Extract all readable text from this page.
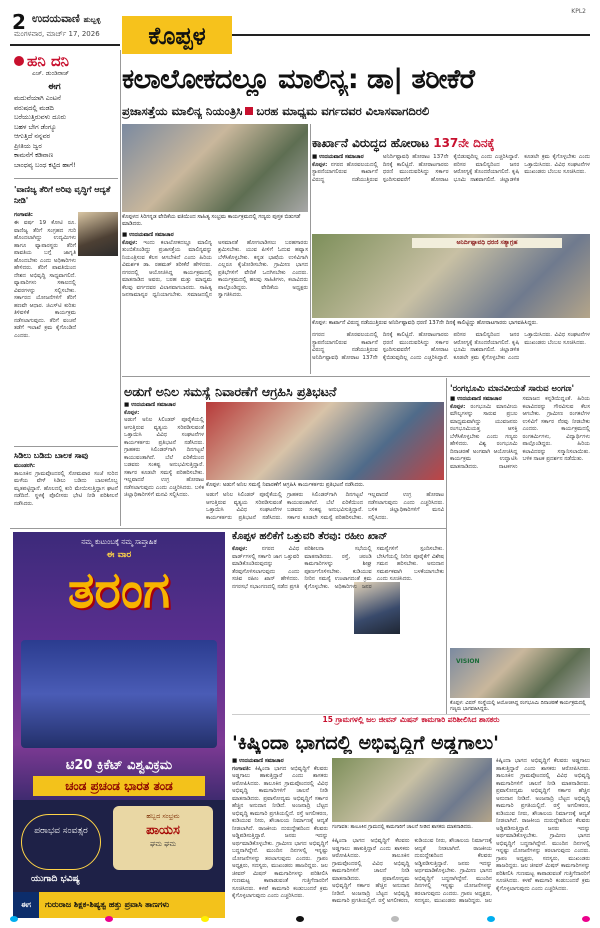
2 ಉದಯವಾಣಿ ಹುಬ್ಬಳ್ಳಿ
ಮಂಗಳವಾರ, ಮಾರ್ಚ್ 17, 2026
KPL2
ಕೊಪ್ಪಳ
ಹನಿ ದನಿ
ಎಚ್. ಡುಂಡಿರಾಜ್
ಈಗ
ಮದುವೆಯಾಗಿ ಎಂಟನೆ
ವರುಷದಲ್ಲಿ ಮಡದಿ
ಬರೆಯುತ್ತಿರುವಳು ದೂರು
ಬಹಳ ಬೇಗ ಡೆಂಗ್ಯೂ
ಆಗುತ್ತಿದೆ ನನ್ನವರ
ಪ್ರೀತಿಯ ಜ್ವರ
ಕಾಮನೆಗೆ ಕಡಿವಾಣ
ಬಾಂಧವ್ಯ ಬಂಧ ಕಟ್ಟಿದ ಹಾಗೆ!
'ವಾಣಿಜ್ಯ ತೆರಿಗೆ ಅರಿವು ವೃದ್ಧಿಗೆ ಆದ್ಯತೆ ನೀಡಿ'
ಗಂಗಾವತಿ:
ಈ ವರ್ಷ 19 ಕೋಟಿ ರೂ. ವಾಣಿಜ್ಯ ತೆರಿಗೆ ಸಂಗ್ರಹದ ಗುರಿ ಹೊಂದಲಾಗಿದ್ದು ಉದ್ಯಮಿಗಳು ಹಾಗೂ ವ್ಯಾಪಾರಸ್ಥರು ತೆರಿಗೆ ಪಾವತಿಯ ಬಗ್ಗೆ ಜಾಗೃತಿ ಹೊಂದಬೇಕು ಎಂದು ಅಧಿಕಾರಿಗಳು ಹೇಳಿದರು. ತೆರಿಗೆ ಪಾವತಿಯಿಂದ ದೇಶದ ಅಭಿವೃದ್ಧಿ ಸಾಧ್ಯವಾಗಲಿದೆ. ವ್ಯಾಪಾರಿಗಳು ಸಕಾಲದಲ್ಲಿ ವಿವರಗಳನ್ನು ಸಲ್ಲಿಸಬೇಕು. ಸರ್ಕಾರದ ಯೋಜನೆಗಳಿಗೆ ತೆರಿಗೆ ಹಣವೇ ಆಧಾರ. ಜಿಎಸ್‌ಟಿ ಕುರಿತು ತಿಳಿವಳಿಕೆ ಕಾರ್ಯಕ್ರಮ ನಡೆಸಲಾಗುವುದು. ತೆರಿಗೆ ವಂಚನೆ ತಡೆಗೆ ಇಲಾಖೆ ಕ್ರಮ ಕೈಗೊಂಡಿದೆ ಎಂದರು.
ಸಿಡಿಲು ಬಡಿದು ಬಾಲಕ ಸಾವು
ಮುಂಡರಗಿ:
ತಾಲೂಕಿನ ಗ್ರಾಮವೊಂದರಲ್ಲಿ ಸೋಮವಾರ ಸಂಜೆ ಸುರಿದ ಮಳೆಯ ವೇಳೆ ಸಿಡಿಲು ಬಡಿದು ಬಾಲಕನೊಬ್ಬ ಮೃತಪಟ್ಟಿದ್ದಾನೆ. ಹೊಲದಲ್ಲಿ ಕುರಿ ಮೇಯಿಸುತ್ತಿದ್ದಾಗ ಘಟನೆ ನಡೆದಿದೆ. ಸ್ಥಳಕ್ಕೆ ಪೊಲೀಸರು ಭೇಟಿ ನೀಡಿ ಪರಿಶೀಲನೆ ನಡೆಸಿದರು.
ಕಲಾಲೋಕದಲ್ಲೂ ಮಾಲಿನ್ಯ: ಡಾ| ತರೀಕೆರೆ
ಪ್ರಜಾಸತ್ತೆಯ ಮಾಲಿನ್ಯ ನಿಯಂತ್ರಿಸಿ ಬರಹ ಮಾಧ್ಯಮ ವರ್ಗದವರ ವಿಲಾಸವಾಗದಿರಲಿ
ಕೊಪ್ಪಳದ ಸಿರಿಗನ್ನಡ ವೇದಿಕೆಯ ವತಿಯಿಂದ ಸಾಹಿತ್ಯ ಸಂಭ್ರಮ ಕಾರ್ಯಕ್ರಮದಲ್ಲಿ ಗಣ್ಯರು ಪುಸ್ತಕ ಬಿಡುಗಡೆ ಮಾಡಿದರು.
■ ಉದಯವಾಣಿ ಸಮಾಚಾರ
ಕೊಪ್ಪಳ: ಇಂದು ಕಲಾಲೋಕದಲ್ಲೂ ಮಾಲಿನ್ಯ ತುಂಬಿಕೊಂಡಿದ್ದು ಪ್ರಜಾಸತ್ತೆಯ ಮಾಲಿನ್ಯವನ್ನು ನಿಯಂತ್ರಿಸುವ ಕೆಲಸ ಆಗಬೇಕಿದೆ ಎಂದು ಹಿರಿಯ ವಿಮರ್ಶಕ ಡಾ. ರಹಮತ್ ತರೀಕೆರೆ ಹೇಳಿದರು. ನಗರದಲ್ಲಿ ಆಯೋಜಿಸಿದ್ದ ಕಾರ್ಯಕ್ರಮದಲ್ಲಿ ಮಾತನಾಡಿದ ಅವರು, ಬರಹ ಮತ್ತು ಮಾಧ್ಯಮ ಕೆಲವು ವರ್ಗದವರ ವಿಲಾಸವಾಗಬಾರದು. ಸಾಹಿತ್ಯ ಜನಸಾಮಾನ್ಯರ ಧ್ವನಿಯಾಗಬೇಕು. ಸಮಾಜದಲ್ಲಿನ ಅಸಮಾನತೆ ಹೋಗಲಾಡಿಸಲು ಬರಹಗಾರರು ಶ್ರಮಿಸಬೇಕು. ಯುವ ಪೀಳಿಗೆ ಓದುವ ಹವ್ಯಾಸ ಬೆಳೆಸಿಕೊಳ್ಳಬೇಕು. ಕನ್ನಡ ಭಾಷೆಯ ಉಳಿವಿಗಾಗಿ ಎಲ್ಲರೂ ಕೈಜೋಡಿಸಬೇಕು. ಗ್ರಾಮೀಣ ಭಾಗದ ಪ್ರತಿಭೆಗಳಿಗೆ ವೇದಿಕೆ ಒದಗಿಸಬೇಕು ಎಂದರು. ಕಾರ್ಯಕ್ರಮದಲ್ಲಿ ಹಲವು ಸಾಹಿತಿಗಳು, ಕಲಾವಿದರು ಪಾಲ್ಗೊಂಡಿದ್ದರು. ವೇದಿಕೆಯ ಅಧ್ಯಕ್ಷರು ಸ್ವಾಗತಿಸಿದರು.
ಕಾರ್ಖಾನೆ ವಿರುದ್ಧದ ಹೋರಾಟ 137ನೇ ದಿನಕ್ಕೆ
■ ಉದಯವಾಣಿ ಸಮಾಚಾರ
ಕೊಪ್ಪಳ: ನಗರದ ಹೊರವಲಯದಲ್ಲಿ ಸ್ಥಾಪನೆಯಾಗಲಿರುವ ಕಾರ್ಖಾನೆ ವಿರುದ್ಧ ನಡೆಯುತ್ತಿರುವ ಅನಿರ್ದಿಷ್ಟಾವಧಿ ಹೋರಾಟ 137ನೇ ದಿನಕ್ಕೆ ಕಾಲಿಟ್ಟಿದೆ. ಹೋರಾಟಗಾರರು ಧರಣಿ ಮುಂದುವರಿಸಿದ್ದು ಸರ್ಕಾರ ಸ್ಪಂದಿಸುವವರೆಗೆ ಹೋರಾಟ ಕೈಬಿಡುವುದಿಲ್ಲ ಎಂದು ಎಚ್ಚರಿಸಿದ್ದಾರೆ. ಪರಿಸರ ಮಾಲಿನ್ಯದಿಂದ ಜನರ ಆರೋಗ್ಯಕ್ಕೆ ತೊಂದರೆಯಾಗಲಿದೆ. ಕೃಷಿ ಭೂಮಿ ನಾಶವಾಗಲಿದೆ. ಜಿಲ್ಲಾಡಳಿತ ಕೂಡಲೇ ಕ್ರಮ ಕೈಗೊಳ್ಳಬೇಕು ಎಂದು ಒತ್ತಾಯಿಸಿದರು. ವಿವಿಧ ಸಂಘಟನೆಗಳ ಮುಖಂಡರು ಬೆಂಬಲ ಸೂಚಿಸಿದರು.
ಅನಿರ್ದಿಷ್ಟಾವಧಿ ಧರಣಿ ಸತ್ಯಾಗ್ರಹ
ಕೊಪ್ಪಳ: ಕಾರ್ಖಾನೆ ವಿರುದ್ಧ ನಡೆಯುತ್ತಿರುವ ಅನಿರ್ದಿಷ್ಟಾವಧಿ ಧರಣಿ 137ನೇ ದಿನಕ್ಕೆ ಕಾಲಿಟ್ಟಿದ್ದು ಹೋರಾಟಗಾರರು ಭಾಗವಹಿಸಿದ್ದರು.
ನಗರದ ಹೊರವಲಯದಲ್ಲಿ ಸ್ಥಾಪನೆಯಾಗಲಿರುವ ಕಾರ್ಖಾನೆ ವಿರುದ್ಧ ನಡೆಯುತ್ತಿರುವ ಅನಿರ್ದಿಷ್ಟಾವಧಿ ಹೋರಾಟ 137ನೇ ದಿನಕ್ಕೆ ಕಾಲಿಟ್ಟಿದೆ. ಹೋರಾಟಗಾರರು ಧರಣಿ ಮುಂದುವರಿಸಿದ್ದು ಸರ್ಕಾರ ಸ್ಪಂದಿಸುವವರೆಗೆ ಹೋರಾಟ ಕೈಬಿಡುವುದಿಲ್ಲ ಎಂದು ಎಚ್ಚರಿಸಿದ್ದಾರೆ. ಪರಿಸರ ಮಾಲಿನ್ಯದಿಂದ ಜನರ ಆರೋಗ್ಯಕ್ಕೆ ತೊಂದರೆಯಾಗಲಿದೆ. ಕೃಷಿ ಭೂಮಿ ನಾಶವಾಗಲಿದೆ. ಜಿಲ್ಲಾಡಳಿತ ಕೂಡಲೇ ಕ್ರಮ ಕೈಗೊಳ್ಳಬೇಕು ಎಂದು ಒತ್ತಾಯಿಸಿದರು. ವಿವಿಧ ಸಂಘಟನೆಗಳ ಮುಖಂಡರು ಬೆಂಬಲ ಸೂಚಿಸಿದರು.
ಅಡುಗೆ ಅನಿಲ ಸಮಸ್ಯೆ ನಿವಾರಣೆಗೆ ಆಗ್ರಹಿಸಿ ಪ್ರತಿಭಟನೆ
■ ಉದಯವಾಣಿ ಸಮಾಚಾರ
ಕೊಪ್ಪಳ:
ಅಡುಗೆ ಅನಿಲ ಸಿಲಿಂಡರ್ ಪೂರೈಕೆಯಲ್ಲಿ ಆಗುತ್ತಿರುವ ವ್ಯತ್ಯಯ ಸರಿಪಡಿಸುವಂತೆ ಒತ್ತಾಯಿಸಿ ವಿವಿಧ ಸಂಘಟನೆಗಳ ಕಾರ್ಯಕರ್ತರು ಪ್ರತಿಭಟನೆ ನಡೆಸಿದರು. ಗ್ರಾಹಕರು ಸಿಲಿಂಡರ್‌ಗಾಗಿ ದಿನಗಟ್ಟಲೆ ಕಾಯುವಂತಾಗಿದೆ. ಬೆಲೆ ಏರಿಕೆಯಿಂದ ಬಡವರು ಸಂಕಷ್ಟ ಅನುಭವಿಸುತ್ತಿದ್ದಾರೆ. ಸರ್ಕಾರ ಕೂಡಲೇ ಸಮಸ್ಯೆ ಪರಿಹರಿಸಬೇಕು. ಇಲ್ಲವಾದರೆ ಉಗ್ರ ಹೋರಾಟ ನಡೆಸಲಾಗುವುದು ಎಂದು ಎಚ್ಚರಿಸಿದರು. ಬಳಿಕ ಜಿಲ್ಲಾಧಿಕಾರಿಗಳಿಗೆ ಮನವಿ ಸಲ್ಲಿಸಿದರು.
ಕೊಪ್ಪಳ: ಅಡುಗೆ ಅನಿಲ ಸಮಸ್ಯೆ ನಿವಾರಣೆಗೆ ಆಗ್ರಹಿಸಿ ಕಾರ್ಯಕರ್ತರು ಪ್ರತಿಭಟನೆ ನಡೆಸಿದರು.
ಅಡುಗೆ ಅನಿಲ ಸಿಲಿಂಡರ್ ಪೂರೈಕೆಯಲ್ಲಿ ಆಗುತ್ತಿರುವ ವ್ಯತ್ಯಯ ಸರಿಪಡಿಸುವಂತೆ ಒತ್ತಾಯಿಸಿ ವಿವಿಧ ಸಂಘಟನೆಗಳ ಕಾರ್ಯಕರ್ತರು ಪ್ರತಿಭಟನೆ ನಡೆಸಿದರು. ಗ್ರಾಹಕರು ಸಿಲಿಂಡರ್‌ಗಾಗಿ ದಿನಗಟ್ಟಲೆ ಕಾಯುವಂತಾಗಿದೆ. ಬೆಲೆ ಏರಿಕೆಯಿಂದ ಬಡವರು ಸಂಕಷ್ಟ ಅನುಭವಿಸುತ್ತಿದ್ದಾರೆ. ಸರ್ಕಾರ ಕೂಡಲೇ ಸಮಸ್ಯೆ ಪರಿಹರಿಸಬೇಕು. ಇಲ್ಲವಾದರೆ ಉಗ್ರ ಹೋರಾಟ ನಡೆಸಲಾಗುವುದು ಎಂದು ಎಚ್ಚರಿಸಿದರು. ಬಳಿಕ ಜಿಲ್ಲಾಧಿಕಾರಿಗಳಿಗೆ ಮನವಿ ಸಲ್ಲಿಸಿದರು.
'ರಂಗಭೂಮಿ ಮಾನವೀಯತೆ ಸಾರುವ ಅಂಗಣ'
■ ಉದಯವಾಣಿ ಸಮಾಚಾರ
ಕೊಪ್ಪಳ: ರಂಗಭೂಮಿ ಮಾನವೀಯ ಮೌಲ್ಯಗಳನ್ನು ಸಾರುವ ಪ್ರಬಲ ಮಾಧ್ಯಮವಾಗಿದ್ದು ಯುವಜನರು ರಂಗಭೂಮಿಯತ್ತ ಆಸಕ್ತಿ ಬೆಳೆಸಿಕೊಳ್ಳಬೇಕು ಎಂದು ಗಣ್ಯರು ಹೇಳಿದರು. ವಿಶ್ವ ರಂಗಭೂಮಿ ದಿನಾಚರಣೆ ಅಂಗವಾಗಿ ಆಯೋಜಿಸಿದ್ದ ಕಾರ್ಯಕ್ರಮ ಉದ್ಘಾಟಿಸಿ ಮಾತನಾಡಿದರು. ನಾಟಕಗಳು ಸಮಾಜದ ಕನ್ನಡಿಯಿದ್ದಂತೆ. ಹಿರಿಯ ಕಲಾವಿದರನ್ನು ಗೌರವಿಸುವ ಕೆಲಸ ಆಗಬೇಕು. ಗ್ರಾಮೀಣ ರಂಗಕಲೆಗಳ ಉಳಿವಿಗೆ ಸರ್ಕಾರ ನೆರವು ನೀಡಬೇಕು ಎಂದರು. ಕಾರ್ಯಕ್ರಮದಲ್ಲಿ ರಂಗಕರ್ಮಿಗಳು, ವಿದ್ಯಾರ್ಥಿಗಳು ಪಾಲ್ಗೊಂಡಿದ್ದರು. ಹಿರಿಯ ಕಲಾವಿದರನ್ನು ಸನ್ಮಾನಿಸಲಾಯಿತು. ಬಳಿಕ ನಾಟಕ ಪ್ರದರ್ಶನ ನಡೆಯಿತು.
VISION
ಕೊಪ್ಪಳ: ವಿಷನ್ ಸಂಸ್ಥೆಯಲ್ಲಿ ಆಯೋಜಿಸಿದ್ದ ರಂಗಭೂಮಿ ದಿನಾಚರಣೆ ಕಾರ್ಯಕ್ರಮದಲ್ಲಿ ಗಣ್ಯರು ಭಾಗವಹಿಸಿದ್ದರು.
ಕೊಪ್ಪಳ ಹಲಿಕೆಗೆ ಒತ್ತುವರಿ ತೆರವು: ರಹೀಂ ಖಾನ್
ಕೊಪ್ಪಳ:	ನಗರದ ವಿವಿಧ ವಾರ್ಡ್‌ಗಳಲ್ಲಿ ಸರ್ಕಾರಿ ಜಾಗ ಒತ್ತುವರಿ ಮಾಡಿಕೊಂಡಿರುವುದನ್ನು ತೆರವುಗೊಳಿಸಲಾಗುವುದು ಎಂದು ಸಚಿವ ರಹೀಂ ಖಾನ್ ಹೇಳಿದರು. ನಗರಸಭೆ ಸಭಾಂಗಣದಲ್ಲಿ ನಡೆದ ಪ್ರಗತಿ ಪರಿಶೀಲನಾ ಸಭೆಯಲ್ಲಿ ಮಾತನಾಡಿದರು. ರಸ್ತೆ, ಚರಂಡಿ ಕಾಮಗಾರಿಗಳನ್ನು ಶೀಘ್ರ ಪೂರ್ಣಗೊಳಿಸಬೇಕು. ಕುಡಿಯುವ ನೀರಿನ ಸಮಸ್ಯೆ ಉಂಟಾಗದಂತೆ ಕ್ರಮ ಕೈಗೊಳ್ಳಬೇಕು. ಅಧಿಕಾರಿಗಳು ಜನರ ಸಮಸ್ಯೆಗಳಿಗೆ ಸ್ಪಂದಿಸಬೇಕು. ಬೇಸಿಗೆಯಲ್ಲಿ ನೀರಿನ ಪೂರೈಕೆಗೆ ವಿಶೇಷ ಗಮನ ಹರಿಸಬೇಕು. ಅನುದಾನ ಸಮರ್ಪಕವಾಗಿ ಬಳಕೆಯಾಗಬೇಕು ಎಂದು ಸೂಚಿಸಿದರು.
ನಮ್ಮ ಕುಟುಂಬಕ್ಕೆ ನಮ್ಮ ಸಾಪ್ತಾಹಿಕ
ಈ ವಾರ
ತರಂಗ
ಟಿ20 ಕ್ರಿಕೆಟ್ ವಿಶ್ವವಿಕ್ರಮ
ಚಂಡ ಪ್ರಚಂಡ ಭಾರತ ತಂಡ
ಪರಾಭವ ಸಂವತ್ಸರ
ಹಬ್ಬದ ಸಂಭ್ರಮ
ಪಾಯಸ
ಘಮ ಘಮ
ಯುಗಾದಿ ಭವಿಷ್ಯ
ಈಗ	ಗುರುರಾಜ ಶಿಕ್ಷಕ-ಶಿಷ್ಯತ್ವ ಹತ್ತು ಪ್ರವಾಸಿ ತಾಣಗಳು
15 ಗ್ರಾಮಗಳಲ್ಲಿ ಜಲ ಜೀವನ್ ಮಿಷನ್ ಕಾಮಗಾರಿ ಪರಿಶೀಲಿಸಿದ ಶಾಸಕರು
'ಕಿಷ್ಕಿಂದಾ ಭಾಗದಲ್ಲಿ ಅಭಿವೃದ್ಧಿಗೆ ಅಡ್ಡಗಾಲು'
■ ಉದಯವಾಣಿ ಸಮಾಚಾರ
ಗಂಗಾವತಿ: ಕಿಷ್ಕಿಂದಾ ಭಾಗದ ಅಭಿವೃದ್ಧಿಗೆ ಕೆಲವರು ಅಡ್ಡಗಾಲು ಹಾಕುತ್ತಿದ್ದಾರೆ ಎಂದು ಶಾಸಕರು ಆರೋಪಿಸಿದರು. ತಾಲೂಕಿನ ಗ್ರಾಮವೊಂದರಲ್ಲಿ ವಿವಿಧ ಅಭಿವೃದ್ಧಿ ಕಾಮಗಾರಿಗಳಿಗೆ ಚಾಲನೆ ನೀಡಿ ಮಾತನಾಡಿದರು. ಪ್ರವಾಸೋದ್ಯಮ ಅಭಿವೃದ್ಧಿಗೆ ಸರ್ಕಾರ ಹೆಚ್ಚಿನ ಅನುದಾನ ನೀಡಿದೆ. ಅಂಜನಾದ್ರಿ ಬೆಟ್ಟದ ಅಭಿವೃದ್ಧಿ ಕಾಮಗಾರಿ ಪ್ರಗತಿಯಲ್ಲಿದೆ. ರಸ್ತೆ ಅಗಲೀಕರಣ, ಕುಡಿಯುವ ನೀರು, ಶೌಚಾಲಯ ನಿರ್ಮಾಣಕ್ಕೆ ಆದ್ಯತೆ ನೀಡಲಾಗಿದೆ. ರಾಜಕೀಯ ದುರುದ್ದೇಶದಿಂದ ಕೆಲವರು ಅಡ್ಡಿಪಡಿಸುತ್ತಿದ್ದಾರೆ. ಜನರು ಇದನ್ನು ಅರ್ಥಮಾಡಿಕೊಳ್ಳಬೇಕು. ಗ್ರಾಮೀಣ ಭಾಗದ ಅಭಿವೃದ್ಧಿಗೆ ಬದ್ಧನಾಗಿದ್ದೇನೆ. ಮುಂದಿನ ದಿನಗಳಲ್ಲಿ ಇನ್ನಷ್ಟು ಯೋಜನೆಗಳನ್ನು ತರಲಾಗುವುದು ಎಂದರು. ಗ್ರಾಪಂ ಅಧ್ಯಕ್ಷರು, ಸದಸ್ಯರು, ಮುಖಂಡರು ಹಾಜರಿದ್ದರು. ಜಲ ಜೀವನ್ ಮಿಷನ್ ಕಾಮಗಾರಿಗಳನ್ನು ಪರಿಶೀಲಿಸಿ ಗುಣಮಟ್ಟ ಕಾಪಾಡುವಂತೆ ಗುತ್ತಿಗೆದಾರರಿಗೆ ಸೂಚಿಸಿದರು. ಕಳಪೆ ಕಾಮಗಾರಿ ಕಂಡುಬಂದರೆ ಕ್ರಮ ಕೈಗೊಳ್ಳಲಾಗುವುದು ಎಂದು ಎಚ್ಚರಿಸಿದರು.
ಗಂಗಾವತಿ: ತಾಲೂಕಿನ ಗ್ರಾಮದಲ್ಲಿ ಕಾಮಗಾರಿಗೆ ಚಾಲನೆ ನೀಡಿದ ಶಾಸಕರು ಮಾತನಾಡಿದರು.
ಕಿಷ್ಕಿಂದಾ ಭಾಗದ ಅಭಿವೃದ್ಧಿಗೆ ಕೆಲವರು ಅಡ್ಡಗಾಲು ಹಾಕುತ್ತಿದ್ದಾರೆ ಎಂದು ಶಾಸಕರು ಆರೋಪಿಸಿದರು. ತಾಲೂಕಿನ ಗ್ರಾಮವೊಂದರಲ್ಲಿ ವಿವಿಧ ಅಭಿವೃದ್ಧಿ ಕಾಮಗಾರಿಗಳಿಗೆ ಚಾಲನೆ ನೀಡಿ ಮಾತನಾಡಿದರು. ಪ್ರವಾಸೋದ್ಯಮ ಅಭಿವೃದ್ಧಿಗೆ ಸರ್ಕಾರ ಹೆಚ್ಚಿನ ಅನುದಾನ ನೀಡಿದೆ. ಅಂಜನಾದ್ರಿ ಬೆಟ್ಟದ ಅಭಿವೃದ್ಧಿ ಕಾಮಗಾರಿ ಪ್ರಗತಿಯಲ್ಲಿದೆ. ರಸ್ತೆ ಅಗಲೀಕರಣ, ಕುಡಿಯುವ ನೀರು, ಶೌಚಾಲಯ ನಿರ್ಮಾಣಕ್ಕೆ ಆದ್ಯತೆ ನೀಡಲಾಗಿದೆ. ರಾಜಕೀಯ ದುರುದ್ದೇಶದಿಂದ ಕೆಲವರು ಅಡ್ಡಿಪಡಿಸುತ್ತಿದ್ದಾರೆ. ಜನರು ಇದನ್ನು ಅರ್ಥಮಾಡಿಕೊಳ್ಳಬೇಕು. ಗ್ರಾಮೀಣ ಭಾಗದ ಅಭಿವೃದ್ಧಿಗೆ ಬದ್ಧನಾಗಿದ್ದೇನೆ. ಮುಂದಿನ ದಿನಗಳಲ್ಲಿ ಇನ್ನಷ್ಟು ಯೋಜನೆಗಳನ್ನು ತರಲಾಗುವುದು ಎಂದರು. ಗ್ರಾಪಂ ಅಧ್ಯಕ್ಷರು, ಸದಸ್ಯರು, ಮುಖಂಡರು ಹಾಜರಿದ್ದರು. ಜಲ
ಕಿಷ್ಕಿಂದಾ ಭಾಗದ ಅಭಿವೃದ್ಧಿಗೆ ಕೆಲವರು ಅಡ್ಡಗಾಲು ಹಾಕುತ್ತಿದ್ದಾರೆ ಎಂದು ಶಾಸಕರು ಆರೋಪಿಸಿದರು. ತಾಲೂಕಿನ ಗ್ರಾಮವೊಂದರಲ್ಲಿ ವಿವಿಧ ಅಭಿವೃದ್ಧಿ ಕಾಮಗಾರಿಗಳಿಗೆ ಚಾಲನೆ ನೀಡಿ ಮಾತನಾಡಿದರು. ಪ್ರವಾಸೋದ್ಯಮ ಅಭಿವೃದ್ಧಿಗೆ ಸರ್ಕಾರ ಹೆಚ್ಚಿನ ಅನುದಾನ ನೀಡಿದೆ. ಅಂಜನಾದ್ರಿ ಬೆಟ್ಟದ ಅಭಿವೃದ್ಧಿ ಕಾಮಗಾರಿ ಪ್ರಗತಿಯಲ್ಲಿದೆ. ರಸ್ತೆ ಅಗಲೀಕರಣ, ಕುಡಿಯುವ ನೀರು, ಶೌಚಾಲಯ ನಿರ್ಮಾಣಕ್ಕೆ ಆದ್ಯತೆ ನೀಡಲಾಗಿದೆ. ರಾಜಕೀಯ ದುರುದ್ದೇಶದಿಂದ ಕೆಲವರು ಅಡ್ಡಿಪಡಿಸುತ್ತಿದ್ದಾರೆ. ಜನರು ಇದನ್ನು ಅರ್ಥಮಾಡಿಕೊಳ್ಳಬೇಕು. ಗ್ರಾಮೀಣ ಭಾಗದ ಅಭಿವೃದ್ಧಿಗೆ ಬದ್ಧನಾಗಿದ್ದೇನೆ. ಮುಂದಿನ ದಿನಗಳಲ್ಲಿ ಇನ್ನಷ್ಟು ಯೋಜನೆಗಳನ್ನು ತರಲಾಗುವುದು ಎಂದರು. ಗ್ರಾಪಂ ಅಧ್ಯಕ್ಷರು, ಸದಸ್ಯರು, ಮುಖಂಡರು ಹಾಜರಿದ್ದರು. ಜಲ ಜೀವನ್ ಮಿಷನ್ ಕಾಮಗಾರಿಗಳನ್ನು ಪರಿಶೀಲಿಸಿ ಗುಣಮಟ್ಟ ಕಾಪಾಡುವಂತೆ ಗುತ್ತಿಗೆದಾರರಿಗೆ ಸೂಚಿಸಿದರು. ಕಳಪೆ ಕಾಮಗಾರಿ ಕಂಡುಬಂದರೆ ಕ್ರಮ ಕೈಗೊಳ್ಳಲಾಗುವುದು ಎಂದು ಎಚ್ಚರಿಸಿದರು.
